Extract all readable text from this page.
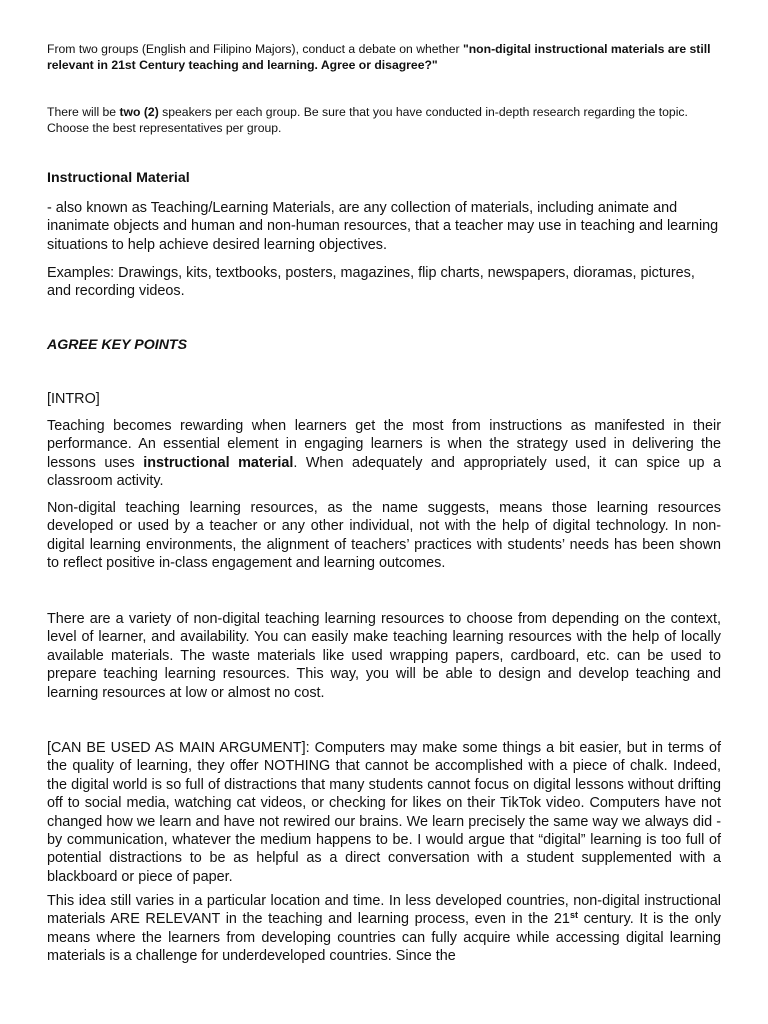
From two groups (English and Filipino Majors), conduct a debate on whether "non-digital instructional materials are still relevant in 21st Century teaching and learning. Agree or disagree?"

There will be two (2) speakers per each group. Be sure that you have conducted in-depth research regarding the topic. Choose the best representatives per group.

Instructional Material

- also known as Teaching/Learning Materials, are any collection of materials, including animate and inanimate objects and human and non-human resources, that a teacher may use in teaching and learning situations to help achieve desired learning objectives.

Examples: Drawings, kits, textbooks, posters, magazines, flip charts, newspapers, dioramas, pictures, and recording videos.

AGREE KEY POINTS

[INTRO]

Teaching becomes rewarding when learners get the most from instructions as manifested in their performance. An essential element in engaging learners is when the strategy used in delivering the lessons uses instructional material. When adequately and appropriately used, it can spice up a classroom activity.

Non-digital teaching learning resources, as the name suggests, means those learning resources developed or used by a teacher or any other individual, not with the help of digital technology. In non-digital learning environments, the alignment of teachers’ practices with students’ needs has been shown to reflect positive in-class engagement and learning outcomes.

There are a variety of non-digital teaching learning resources to choose from depending on the context, level of learner, and availability. You can easily make teaching learning resources with the help of locally available materials. The waste materials like used wrapping papers, cardboard, etc. can be used to prepare teaching learning resources. This way, you will be able to design and develop teaching and learning resources at low or almost no cost.

[CAN BE USED AS MAIN ARGUMENT]: Computers may make some things a bit easier, but in terms of the quality of learning, they offer NOTHING that cannot be accomplished with a piece of chalk. Indeed, the digital world is so full of distractions that many students cannot focus on digital lessons without drifting off to social media, watching cat videos, or checking for likes on their TikTok video. Computers have not changed how we learn and have not rewired our brains. We learn precisely the same way we always did - by communication, whatever the medium happens to be. I would argue that “digital” learning is too full of potential distractions to be as helpful as a direct conversation with a student supplemented with a blackboard or piece of paper.

This idea still varies in a particular location and time. In less developed countries, non-digital instructional materials ARE RELEVANT in the teaching and learning process, even in the 21st century. It is the only means where the learners from developing countries can fully acquire while accessing digital learning materials is a challenge for underdeveloped countries. Since the
